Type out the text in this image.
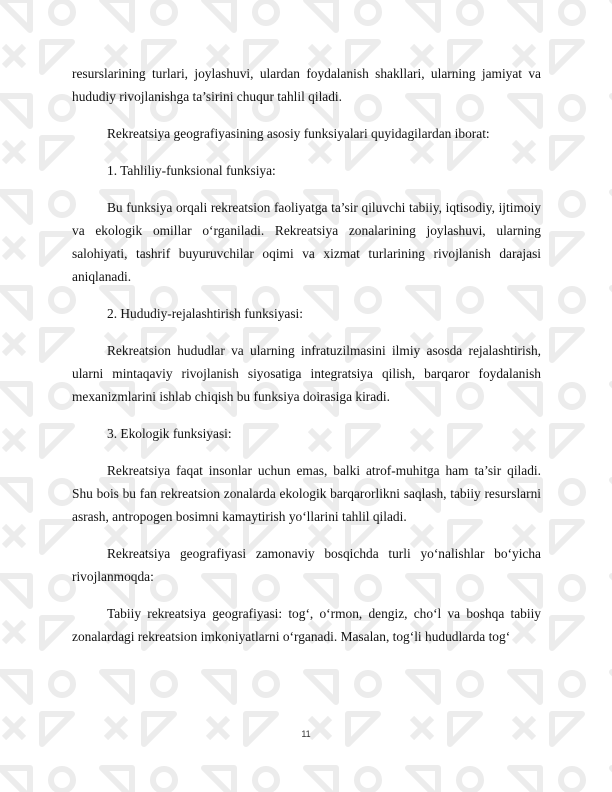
resurslarining turlari, joylashuvi, ulardan foydalanish shakllari, ularning jamiyat va hududiy rivojlanishga ta’sirini chuqur tahlil qiladi.

Rekreatsiya geografiyasining asosiy funksiyalari quyidagilardan iborat:

1. Tahliliy-funksional funksiya:

Bu funksiya orqali rekreatsion faoliyatga ta’sir qiluvchi tabiiy, iqtisodiy, ijtimoiy va ekologik omillar o‘rganiladi. Rekreatsiya zonalarining joylashuvi, ularning salohiyati, tashrif buyuruvchilar oqimi va xizmat turlarining rivojlanish darajasi aniqlanadi.

2. Hududiy-rejalashtirish funksiyasi:

Rekreatsion hududlar va ularning infratuzilmasini ilmiy asosda rejalashtirish, ularni mintaqaviy rivojlanish siyosatiga integratsiya qilish, barqaror foydalanish mexanizmlarini ishlab chiqish bu funksiya doirasiga kiradi.

3. Ekologik funksiyasi:

Rekreatsiya faqat insonlar uchun emas, balki atrof-muhitga ham ta’sir qiladi. Shu bois bu fan rekreatsion zonalarda ekologik barqarorlikni saqlash, tabiiy resurslarni asrash, antropogen bosimni kamaytirish yo‘llarini tahlil qiladi.

Rekreatsiya geografiyasi zamonaviy bosqichda turli yo‘nalishlar bo‘yicha rivojlanmoqda:

Tabiiy rekreatsiya geografiyasi: tog‘, o‘rmon, dengiz, cho‘l va boshqa tabiiy zonalardagi rekreatsion imkoniyatlarni o‘rganadi. Masalan, tog‘li hududlarda tog‘

11
